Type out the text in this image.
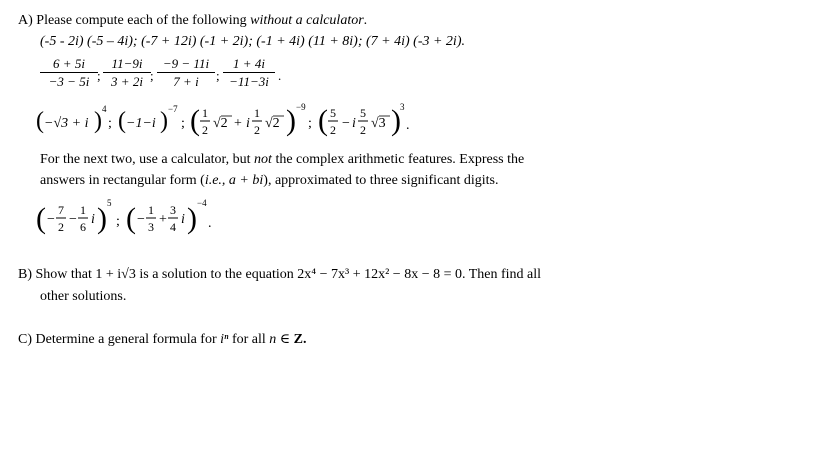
A) Please compute each of the following without a calculator.
(-5 - 2i) (-5 – 4i); (-7 + 12i) (-1 + 2i); (-1 + 4i) (11 + 8i); (7 + 4i) (-3 + 2i).
6 + 5i
−3 − 5i ;
11−9i
3 + 2i ;
−9 − 11i
7 + i	;
1 + 4i
−11−3i .
( −√3 + i ) 4
; ( −1−i ) −7
; ( 1
2 √2 + i
1
2 √2 ) −9
; ( 5
2 − i
5
2 √3 ) 3
.
For the next two, use a calculator, but not the complex arithmetic features. Express the
answers in rectangular form (i.e., a + bi), approximated to three significant digits.
( −
7
2 −
1
6 i ) 5
; ( −
1
3 +
3
4 i ) −4
.
B) Show that 1 + i√3 is a solution to the equation 2x⁴ − 7x³ + 12x² − 8x − 8 = 0. Then find all
other solutions.
C) Determine a general formula for iⁿ for all n ∈ Z.
